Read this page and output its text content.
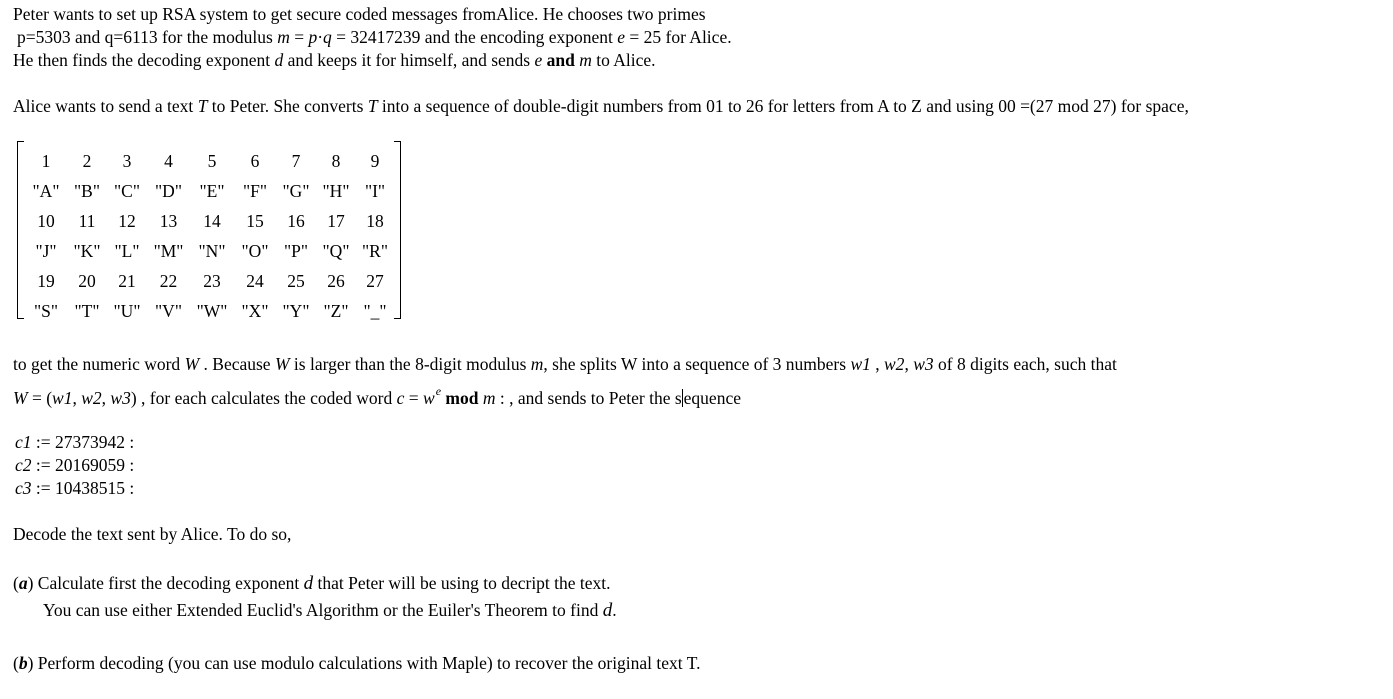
Peter wants to set up RSA system to get secure coded messages fromAlice. He chooses two primes
p=5303 and q=6113 for the modulus m = p·q = 32417239 and the encoding exponent e = 25 for Alice.
He then finds the decoding exponent d and keeps it for himself, and sends e and m to Alice.
Alice wants to send a text T to Peter. She converts T into a sequence of double-digit numbers from 01 to 26 for letters from A to Z and using 00 =(27 mod 27) for space,
1	2	3	4	5	6	7	8	9
"A"	"B"	"C"	"D"	"E"	"F"	"G"	"H"	"I"
10	11	12	13	14	15	16	17	18
"J"	"K"	"L"	"M"	"N"	"O"	"P"	"Q"	"R"
19	20	21	22	23	24	25	26	27
"S"	"T"	"U"	"V"	"W"	"X"	"Y"	"Z"	"_"
to get the numeric word W . Because W is larger than the 8-digit modulus m, she splits W into a sequence of 3 numbers w1 , w2, w3 of 8 digits each, such that
W = (w1, w2, w3) , for each calculates the coded word $c = w^e$ mod m : , and sends to Peter the s equence
c1 := 27373942 :
c2 := 20169059 :
c3 := 10438515 :
Decode the text sent by Alice. To do so,
(a) Calculate first the decoding exponent d that Peter will be using to decript the text.
You can use either Extended Euclid's Algorithm or the Euiler's Theorem to find d.
(b) Perform decoding (you can use modulo calculations with Maple) to recover the original text T.
